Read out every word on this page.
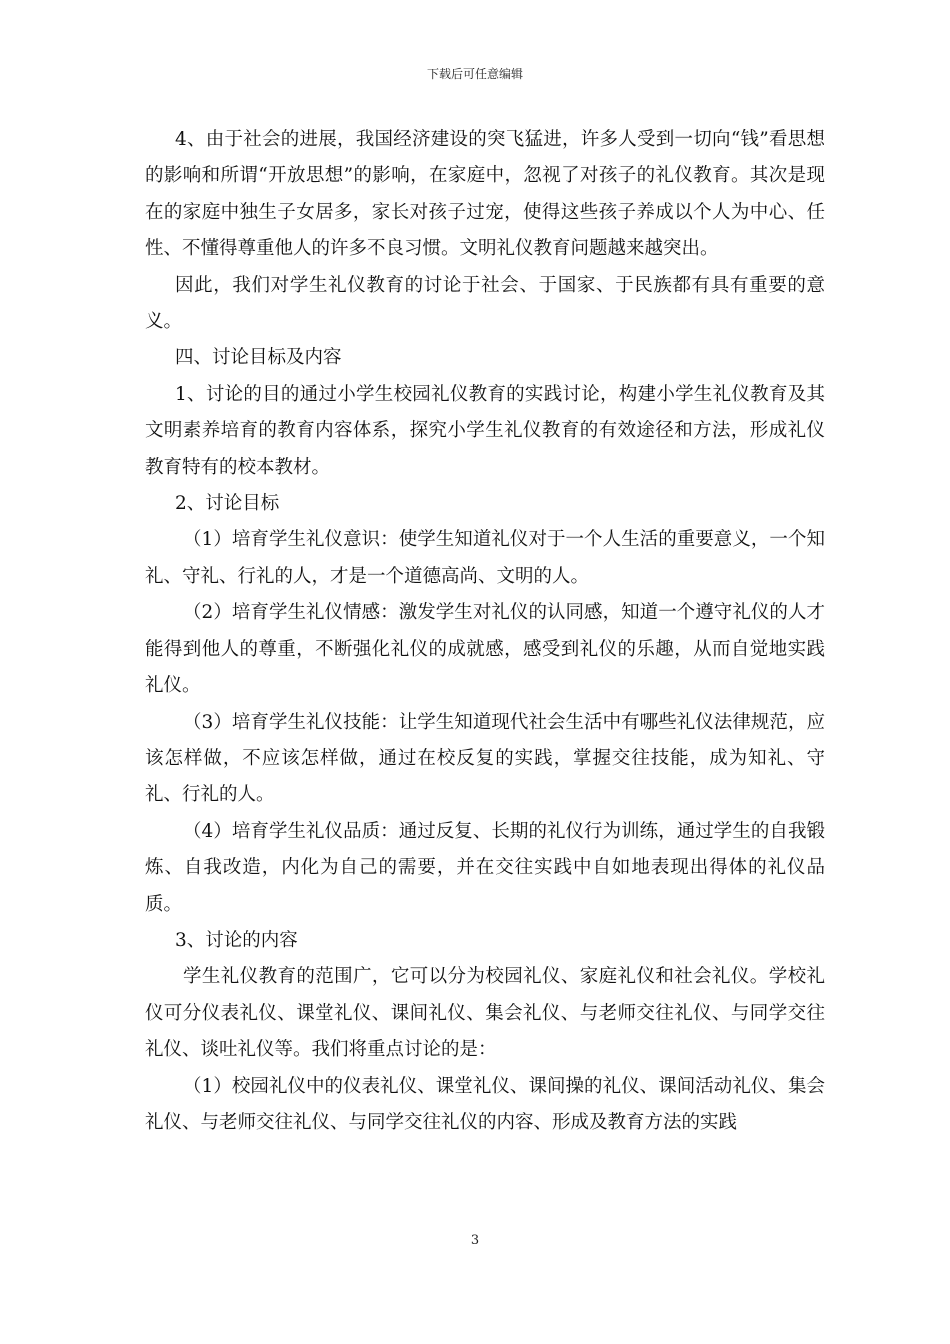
下载后可任意编辑

4、由于社会的进展，我国经济建设的突飞猛进，许多人受到一切向“钱”看思想的影响和所谓“开放思想”的影响，在家庭中，忽视了对孩子的礼仪教育。其次是现在的家庭中独生子女居多，家长对孩子过宠，使得这些孩子养成以个人为中心、任性、不懂得尊重他人的许多不良习惯。文明礼仪教育问题越来越突出。

因此，我们对学生礼仪教育的讨论于社会、于国家、于民族都有具有重要的意义。

四、讨论目标及内容

1、讨论的目的通过小学生校园礼仪教育的实践讨论，构建小学生礼仪教育及其文明素养培育的教育内容体系，探究小学生礼仪教育的有效途径和方法，形成礼仪教育特有的校本教材。

2、讨论目标

（1）培育学生礼仪意识：使学生知道礼仪对于一个人生活的重要意义，一个知礼、守礼、行礼的人，才是一个道德高尚、文明的人。

（2）培育学生礼仪情感：激发学生对礼仪的认同感，知道一个遵守礼仪的人才能得到他人的尊重，不断强化礼仪的成就感，感受到礼仪的乐趣，从而自觉地实践礼仪。

（3）培育学生礼仪技能：让学生知道现代社会生活中有哪些礼仪法律规范，应该怎样做，不应该怎样做，通过在校反复的实践，掌握交往技能，成为知礼、守礼、行礼的人。

（4）培育学生礼仪品质：通过反复、长期的礼仪行为训练，通过学生的自我锻炼、自我改造，内化为自己的需要，并在交往实践中自如地表现出得体的礼仪品质。

3、讨论的内容

学生礼仪教育的范围广，它可以分为校园礼仪、家庭礼仪和社会礼仪。学校礼仪可分仪表礼仪、课堂礼仪、课间礼仪、集会礼仪、与老师交往礼仪、与同学交往礼仪、谈吐礼仪等。我们将重点讨论的是：

（1）校园礼仪中的仪表礼仪、课堂礼仪、课间操的礼仪、课间活动礼仪、集会礼仪、与老师交往礼仪、与同学交往礼仪的内容、形成及教育方法的实践

3
